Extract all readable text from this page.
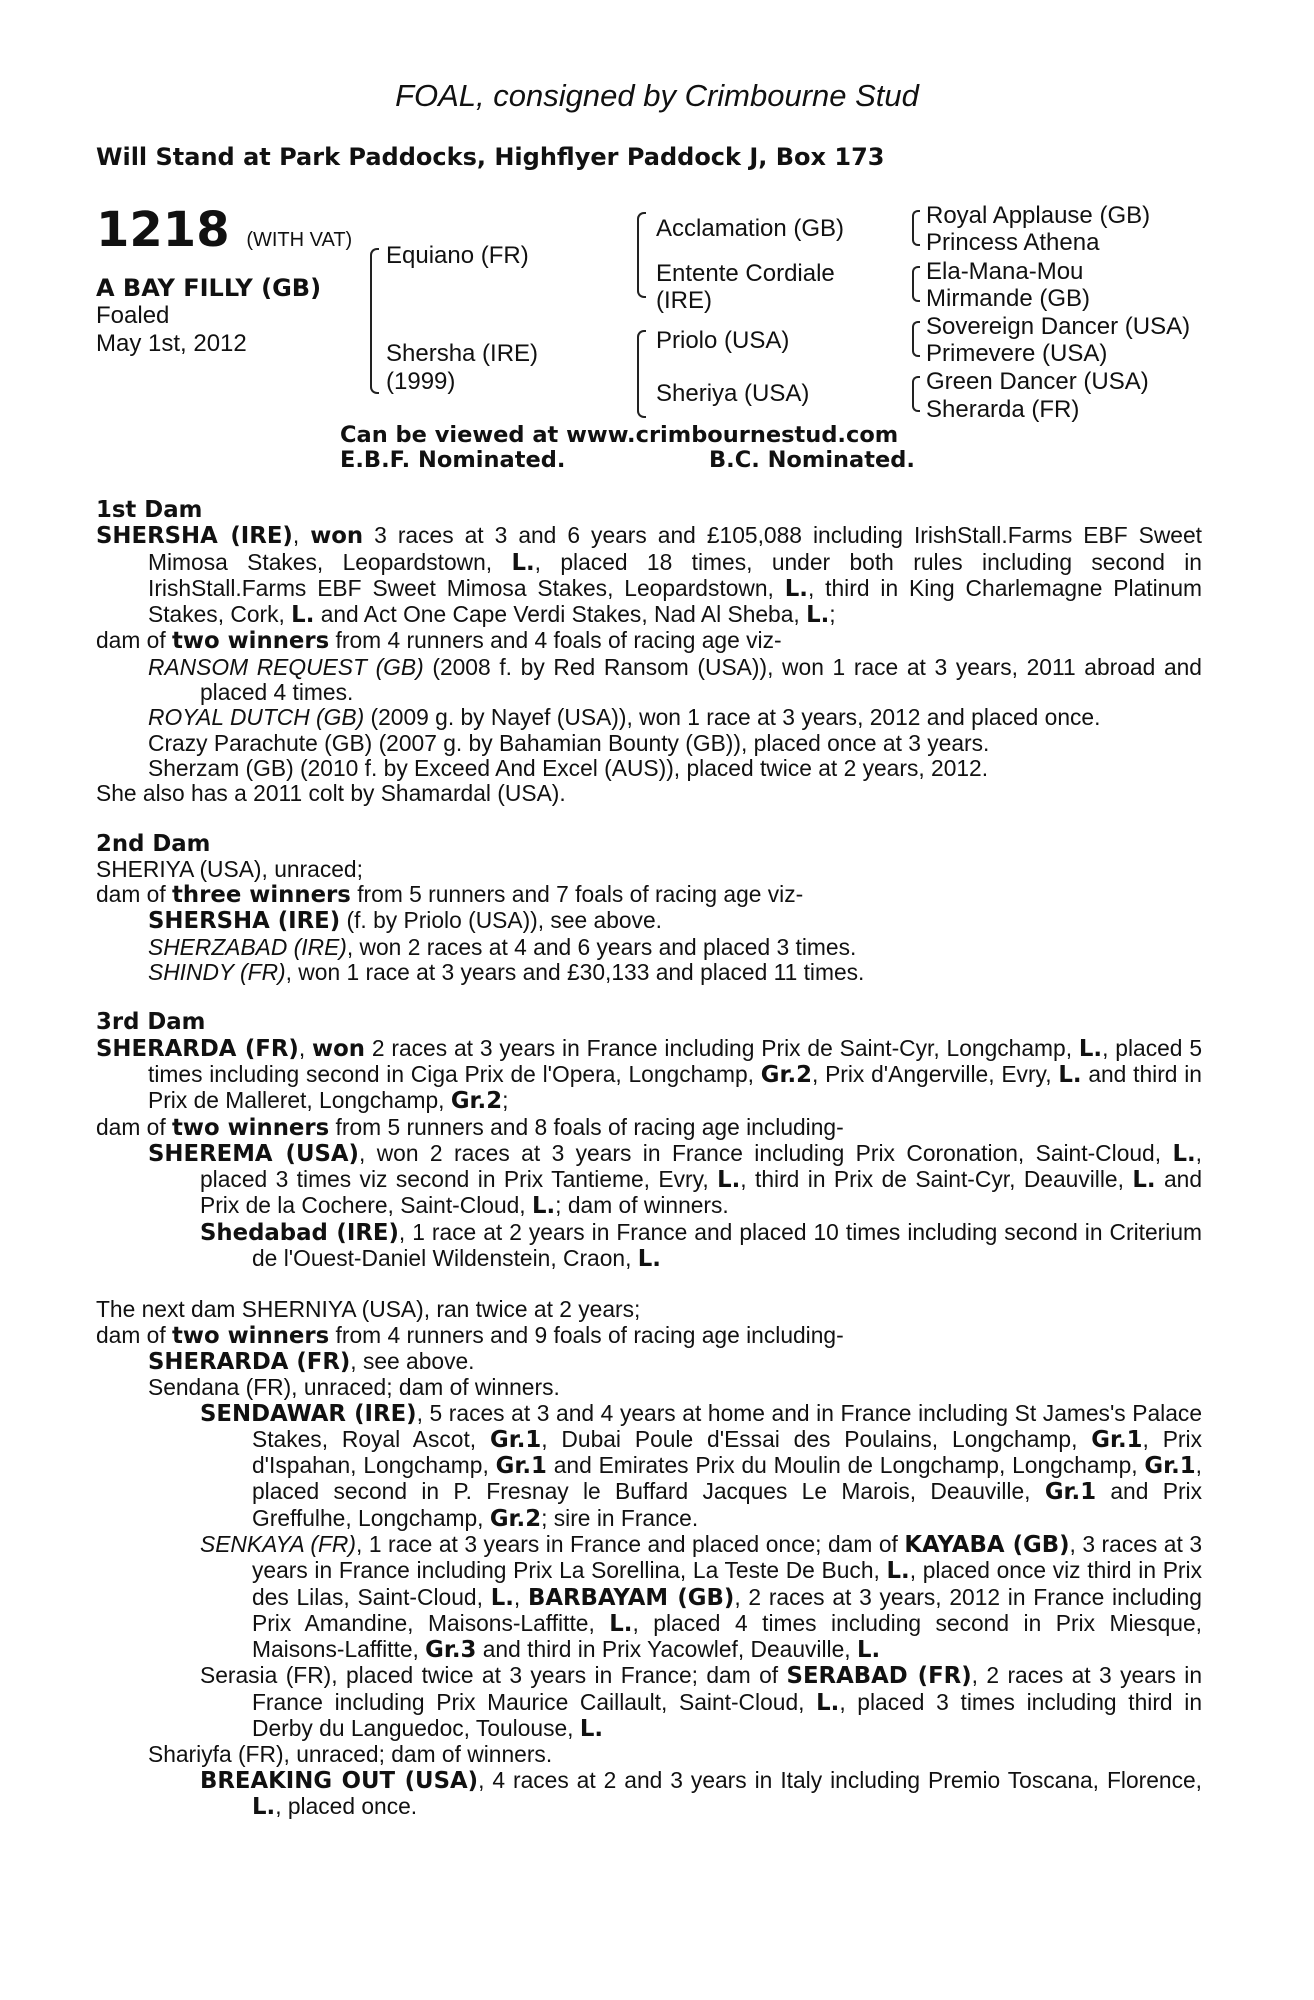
FOAL, consigned by Crimbourne Stud
Will Stand at Park Paddocks, Highflyer Paddock J, Box 173
1218 (WITH VAT)
A BAY FILLY (GB)
Foaled
May 1st, 2012
Equiano (FR)
Shersha (IRE)
(1999)
Acclamation (GB)
Entente Cordiale
(IRE)
Priolo (USA)
Sheriya (USA)
Royal Applause (GB)
Princess Athena
Ela-Mana-Mou
Mirmande (GB)
Sovereign Dancer (USA)
Primevere (USA)
Green Dancer (USA)
Sherarda (FR)
Can be viewed at www.crimbournestud.com
E.B.F. Nominated.	B.C. Nominated.

1st Dam

SHERSHA (IRE), won 3 races at 3 and 6 years and £105,088 including IrishStall.Farms EBF Sweet Mimosa Stakes, Leopardstown, L., placed 18 times, under both rules including second in IrishStall.Farms EBF Sweet Mimosa Stakes, Leopardstown, L., third in King Charlemagne Platinum Stakes, Cork, L. and Act One Cape Verdi Stakes, Nad Al Sheba, L.;

dam of two winners from 4 runners and 4 foals of racing age viz-

RANSOM REQUEST (GB) (2008 f. by Red Ransom (USA)), won 1 race at 3 years, 2011 abroad and placed 4 times.

ROYAL DUTCH (GB) (2009 g. by Nayef (USA)), won 1 race at 3 years, 2012 and placed once.

Crazy Parachute (GB) (2007 g. by Bahamian Bounty (GB)), placed once at 3 years.

Sherzam (GB) (2010 f. by Exceed And Excel (AUS)), placed twice at 2 years, 2012.

She also has a 2011 colt by Shamardal (USA).

2nd Dam

SHERIYA (USA), unraced;

dam of three winners from 5 runners and 7 foals of racing age viz-

SHERSHA (IRE) (f. by Priolo (USA)), see above.

SHERZABAD (IRE), won 2 races at 4 and 6 years and placed 3 times.

SHINDY (FR), won 1 race at 3 years and £30,133 and placed 11 times.

3rd Dam

SHERARDA (FR), won 2 races at 3 years in France including Prix de Saint-Cyr, Longchamp, L., placed 5 times including second in Ciga Prix de l'Opera, Longchamp, Gr.2, Prix d'Angerville, Evry, L. and third in Prix de Malleret, Longchamp, Gr.2;

dam of two winners from 5 runners and 8 foals of racing age including-

SHEREMA (USA), won 2 races at 3 years in France including Prix Coronation, Saint-Cloud, L., placed 3 times viz second in Prix Tantieme, Evry, L., third in Prix de Saint-Cyr, Deauville, L. and Prix de la Cochere, Saint-Cloud, L.; dam of winners.

Shedabad (IRE), 1 race at 2 years in France and placed 10 times including second in Criterium de l'Ouest-Daniel Wildenstein, Craon, L.

The next dam SHERNIYA (USA), ran twice at 2 years;

dam of two winners from 4 runners and 9 foals of racing age including-

SHERARDA (FR), see above.

Sendana (FR), unraced; dam of winners.

SENDAWAR (IRE), 5 races at 3 and 4 years at home and in France including St James's Palace Stakes, Royal Ascot, Gr.1, Dubai Poule d'Essai des Poulains, Longchamp, Gr.1, Prix d'Ispahan, Longchamp, Gr.1 and Emirates Prix du Moulin de Longchamp, Longchamp, Gr.1, placed second in P. Fresnay le Buffard Jacques Le Marois, Deauville, Gr.1 and Prix Greffulhe, Longchamp, Gr.2; sire in France.

SENKAYA (FR), 1 race at 3 years in France and placed once; dam of KAYABA (GB), 3 races at 3 years in France including Prix La Sorellina, La Teste De Buch, L., placed once viz third in Prix des Lilas, Saint-Cloud, L., BARBAYAM (GB), 2 races at 3 years, 2012 in France including Prix Amandine, Maisons-Laffitte, L., placed 4 times including second in Prix Miesque, Maisons-Laffitte, Gr.3 and third in Prix Yacowlef, Deauville, L.

Serasia (FR), placed twice at 3 years in France; dam of SERABAD (FR), 2 races at 3 years in France including Prix Maurice Caillault, Saint-Cloud, L., placed 3 times including third in Derby du Languedoc, Toulouse, L.

Shariyfa (FR), unraced; dam of winners.

BREAKING OUT (USA), 4 races at 2 and 3 years in Italy including Premio Toscana, Florence, L., placed once.
